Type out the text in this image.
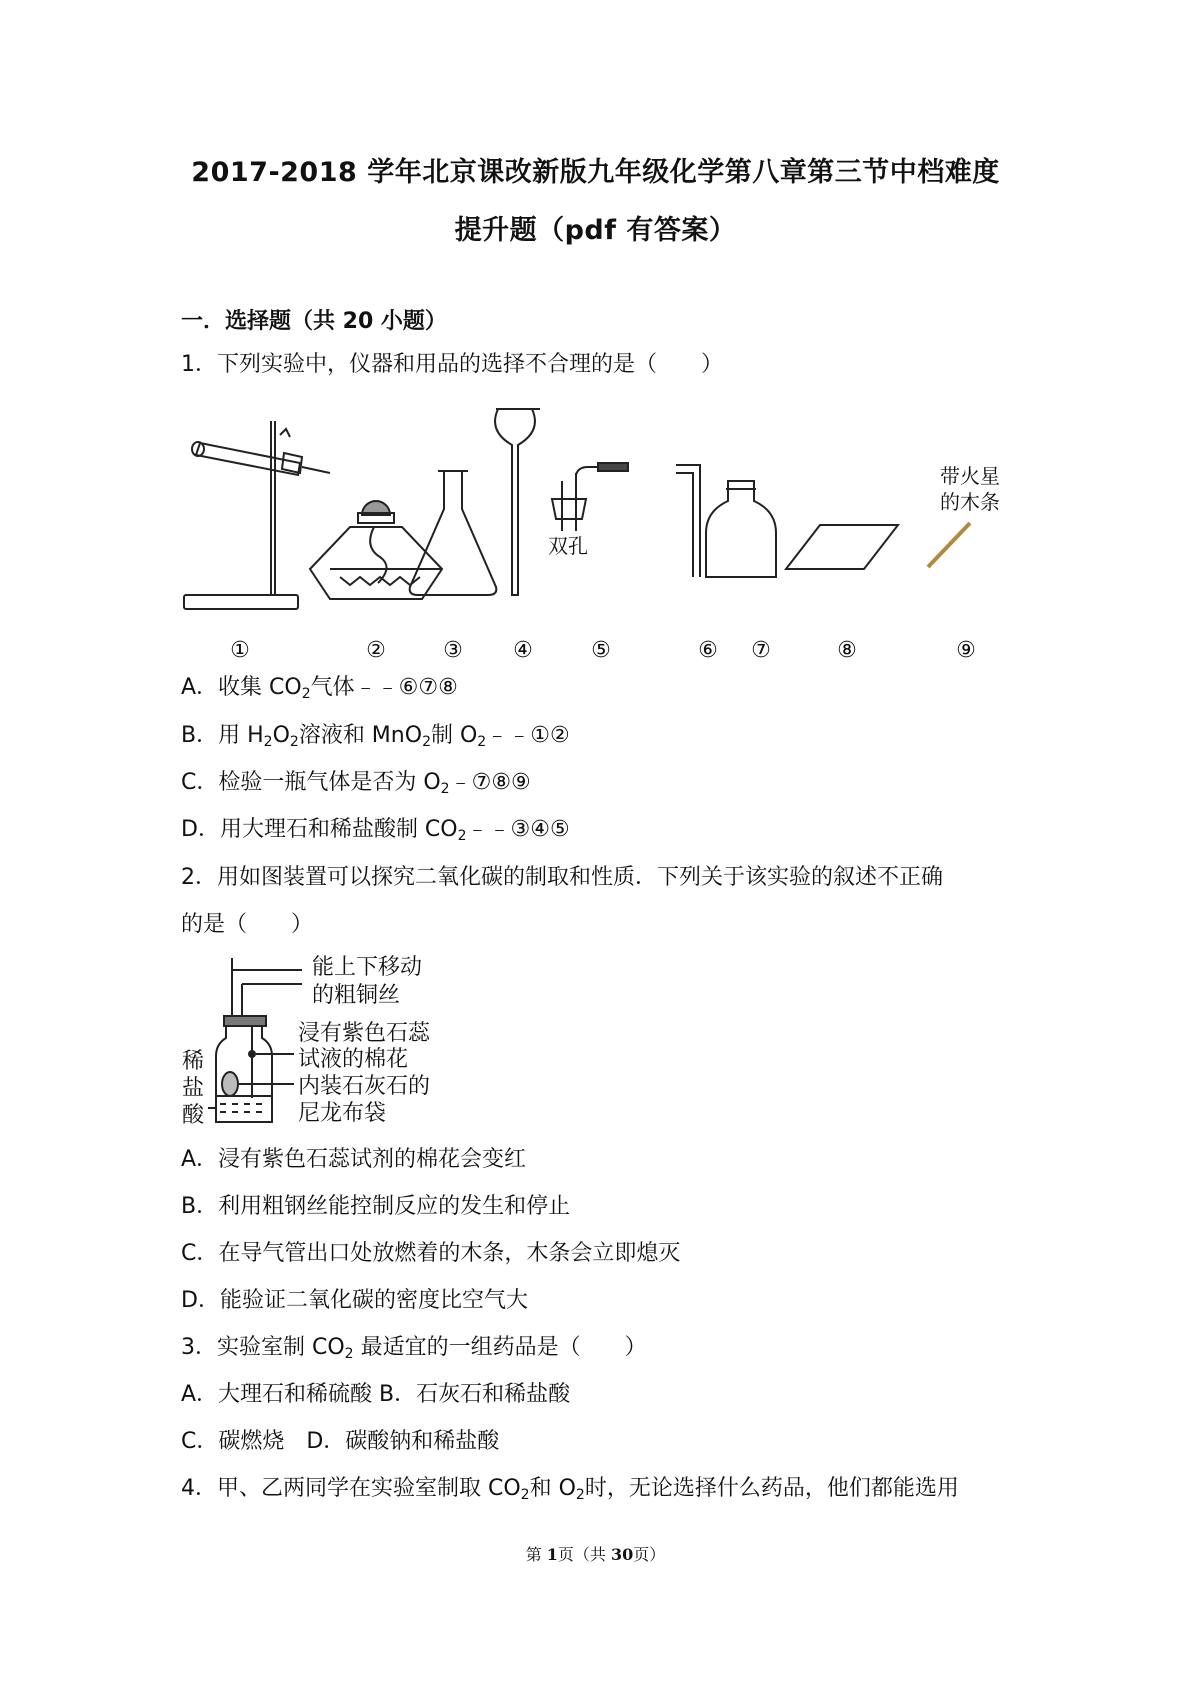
2017-2018 学年北京课改新版九年级化学第八章第三节中档难度
提升题（pdf 有答案）
一．选择题（共 20 小题）
1．下列实验中，仪器和用品的选择不合理的是（　　）
双孔
带火星
的木条
①	②	③ ④	⑤	⑥ ⑦	⑧	⑨
A．收集 $CO_2$气体﹣﹣⑥⑦⑧
B．用 $H_2O_2$溶液和 MnO$_2$制 $O_2﹣﹣①②$
C．检验一瓶气体是否为 $O_2﹣⑦⑧⑨$
D．用大理石和稀盐酸制 $CO_2﹣﹣③④⑤$
2．用如图装置可以探究二氧化碳的制取和性质．下列关于该实验的叙述不正确
的是（　　）
能上下移动
的粗铜丝
浸有紫色石蕊
试液的棉花
内装石灰石的
尼龙布袋
稀
盐
酸
A．浸有紫色石蕊试剂的棉花会变红
B．利用粗钢丝能控制反应的发生和停止
C．在导气管出口处放燃着的木条，木条会立即熄灭
D．能验证二氧化碳的密度比空气大
3．实验室制 $CO_2$ 最适宜的一组药品是（　　）
A．大理石和稀硫酸 B．石灰石和稀盐酸
C．碳燃烧　D．碳酸钠和稀盐酸
4．甲、乙两同学在实验室制取 $CO_2$和 $O_2$时，无论选择什么药品，他们都能选用
第 1页（共 30页）
